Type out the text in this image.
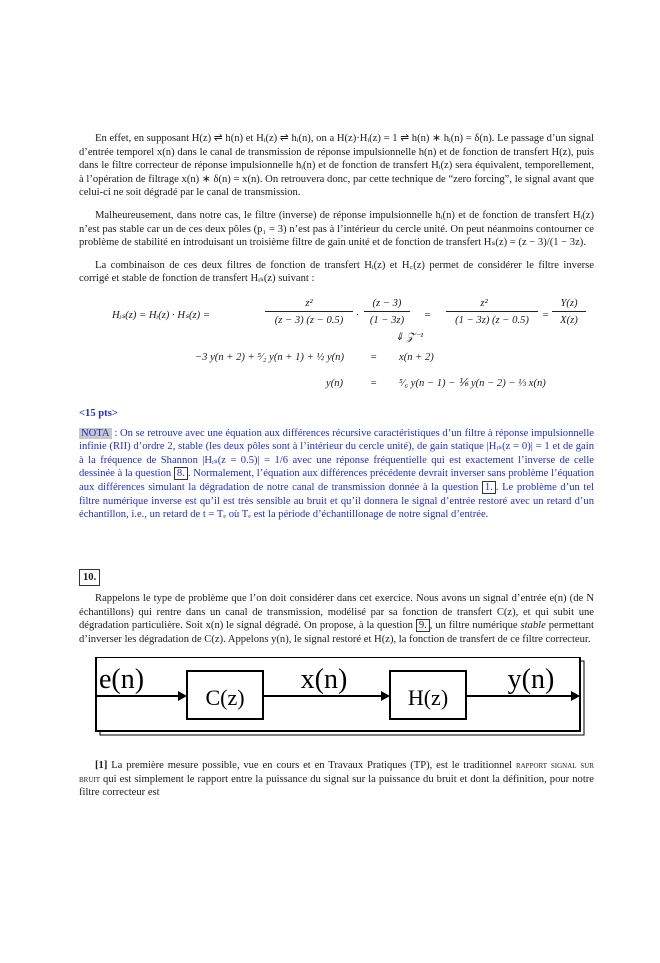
En effet, en supposant H(z) ⇌ h(n) et Hᵢ(z) ⇌ hᵢ(n), on a H(z)·Hᵢ(z) = 1 ⇌ h(n) ∗ hᵢ(n) = δ(n). Le passage d’un signal d’entrée temporel x(n) dans le canal de transmission de réponse impulsionnelle h(n) et de fonction de transfert H(z), puis dans le filtre correcteur de réponse impulsionnelle hᵢ(n) et de fonction de transfert Hᵢ(z) sera équivalent, temporellement, à l’opération de filtrage x(n) ∗ δ(n) = x(n). On retrouvera donc, par cette technique de “zero forcing”, le signal avant que celui-ci ne soit dégradé par le canal de transmission.

Malheureusement, dans notre cas, le filtre (inverse) de réponse impulsionnelle hᵢ(n) et de fonction de transfert Hᵢ(z) n’est pas stable car un de ces deux pôles (p₁ = 3) n’est pas à l’intérieur du cercle unité. On peut néanmoins contourner ce problème de stabilité en introduisant un troisième filtre de gain unité et de fonction de transfert Hₛ(z) = (z − 3)/(1 − 3z).

La combinaison de ces deux filtres de fonction de transfert Hᵢ(z) et H꜀(z) permet de considérer le filtre inverse corrigé et stable de fonction de transfert Hᵢₛ(z) suivant :

Hᵢₛ(z) = Hᵢ(z) · Hₛ(z) =
z²
(z − 3) (z − 0.5)	·
(z − 3)
(1 − 3z)	=
z²
(1 − 3z) (z − 0.5)	=
Y(z)
X(z)
⇓ 𝒵⁻¹
−3 y(n + 2) + ⁵⁄₂ y(n + 1) + ½ y(n) = x(n + 2)
y(n)	= ⁵⁄₆ y(n − 1) − ⅙ y(n − 2) − ⅓ x(n)
<15 pts>

NOTA : On se retrouve avec une équation aux différences récursive caractéristiques d’un filtre à réponse impulsionnelle infinie (RII) d’ordre 2, stable (les deux pôles sont à l’intérieur du cercle unité), de gain statique |Hᵢₛ(z = 0)| = 1 et de gain à la fréquence de Shannon |Hᵢₛ(z = 0.5)| = 1/6 avec une réponse fréquentielle qui est exactement l’inverse de celle dessinée à la question 8. . Normalement, l’équation aux différences précédente devrait inverser sans problème l’équation aux différences simulant la dégradation de notre canal de transmission donnée à la question 1. . Le problème d’un tel filtre numérique inverse est qu’il est très sensible au bruit et qu’il donnera le signal d’entrée restoré avec un retard d’un échantillon, i.e., un retard de t = Tₑ où Tₑ est la période d’échantillonage de notre signal d’entrée.

10.

Rappelons le type de problème que l’on doit considérer dans cet exercice. Nous avons un signal d’entrée e(n) (de N échantillons) qui rentre dans un canal de transmission, modélisé par sa fonction de transfert C(z), et qui subit une dégradation particulière. Soit x(n) le signal dégradé. On propose, à la question 9. , un filtre numérique stable permettant d’inverser les dégradation de C(z). Appelons y(n), le signal restoré et H(z), la fonction de transfert de ce filtre correcteur.

e(n)
C(z)
x(n)
H(z)
y(n)

[1] La première mesure possible, vue en cours et en Travaux Pratiques (TP), est le traditionnel rapport signal sur bruit qui est simplement le rapport entre la puissance du signal sur la puissance du bruit et dont la définition, pour notre filtre correcteur est
